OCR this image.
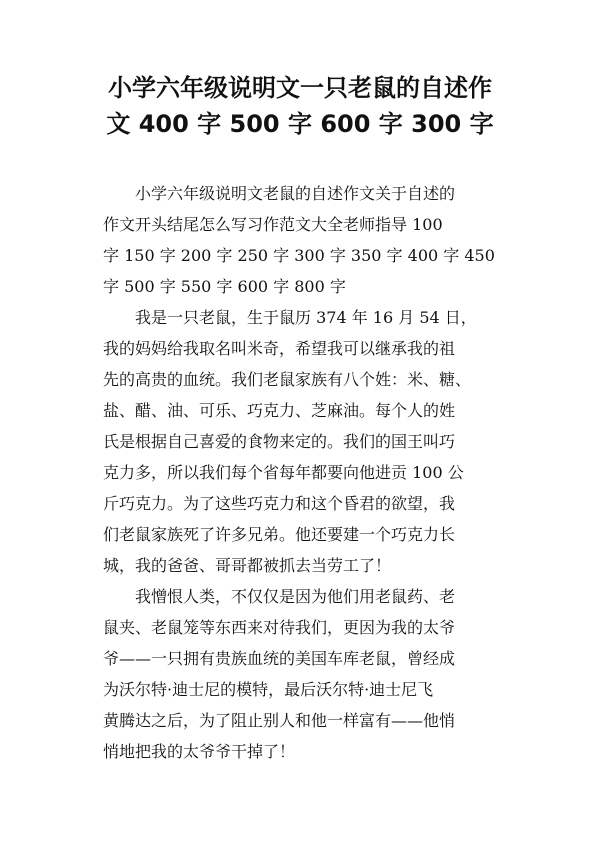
小学六年级说明文一只老鼠的自述作
文 400 字 500 字 600 字 300 字

小学六年级说明文老鼠的自述作文关于自述的
作文开头结尾怎么写习作范文大全老师指导 100
字 150 字 200 字 250 字 300 字 350 字 400 字 450
字 500 字 550 字 600 字 800 字

我是一只老鼠，生于鼠历 374 年 16 月 54 日，
我的妈妈给我取名叫米奇，希望我可以继承我的祖
先的高贵的血统。我们老鼠家族有八个姓：米、糖、
盐、醋、油、可乐、巧克力、芝麻油。每个人的姓
氏是根据自己喜爱的食物来定的。我们的国王叫巧
克力多，所以我们每个省每年都要向他进贡 100 公
斤巧克力。为了这些巧克力和这个昏君的欲望，我
们老鼠家族死了许多兄弟。他还要建一个巧克力长
城，我的爸爸、哥哥都被抓去当劳工了！

我憎恨人类，不仅仅是因为他们用老鼠药、老
鼠夹、老鼠笼等东西来对待我们，更因为我的太爷
爷——一只拥有贵族血统的美国车库老鼠，曾经成
为沃尔特·迪士尼的模特，最后沃尔特·迪士尼飞
黄腾达之后，为了阻止别人和他一样富有——他悄
悄地把我的太爷爷干掉了！
